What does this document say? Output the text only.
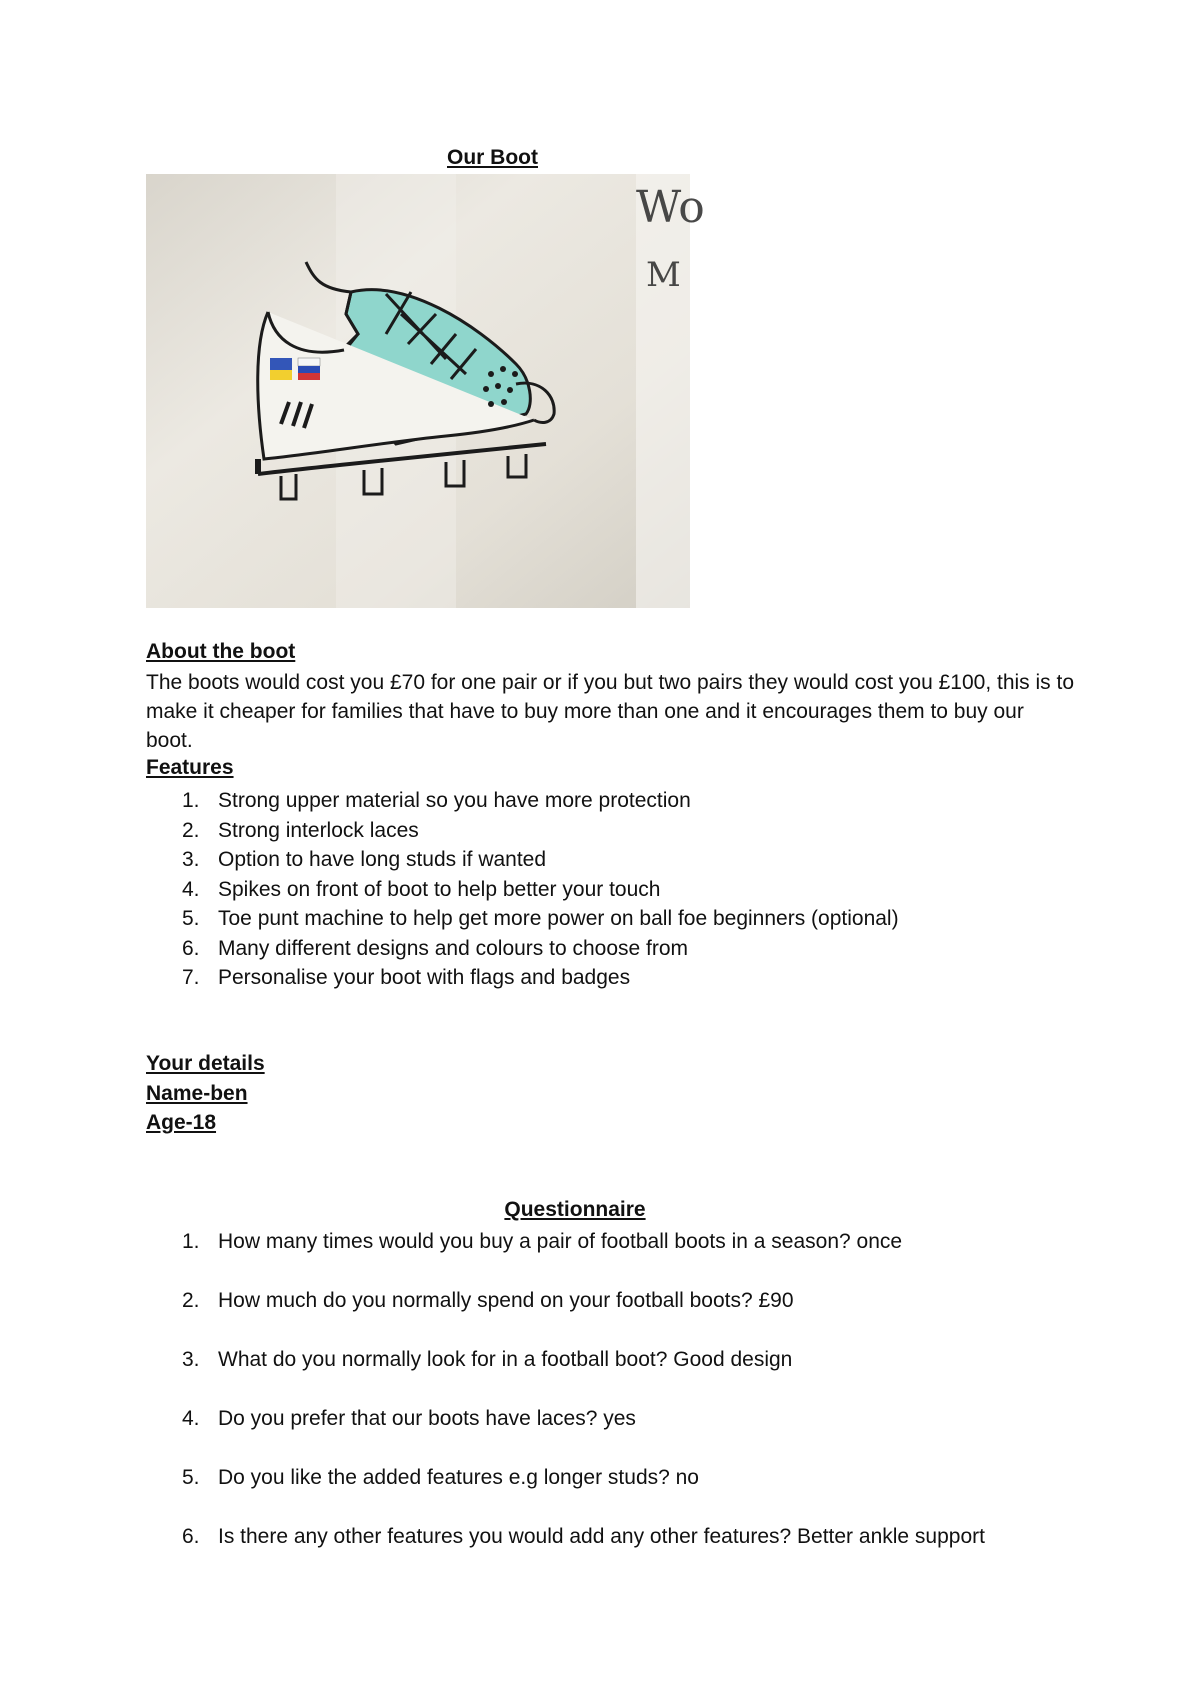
Our Boot
Wo
M
About the boot
The boots would cost you £70 for one pair or if you but two pairs they would cost you £100, this is to make it cheaper for families that have to buy more than one and it encourages them to buy our boot.
Features
1. Strong upper material so you have more protection
2. Strong interlock laces
3. Option to have long studs if wanted
4. Spikes on front of boot to help better your touch
5. Toe punt machine to help get more power on ball foe beginners (optional)
6. Many different designs and colours to choose from
7. Personalise your boot with flags and badges
Your details
Name-ben
Age-18
Questionnaire
1. How many times would you buy a pair of football boots in a season? once
2. How much do you normally spend on your football boots? £90
3. What do you normally look for in a football boot? Good design
4. Do you prefer that our boots have laces? yes
5. Do you like the added features e.g longer studs? no
6. Is there any other features you would add any other features? Better ankle support
